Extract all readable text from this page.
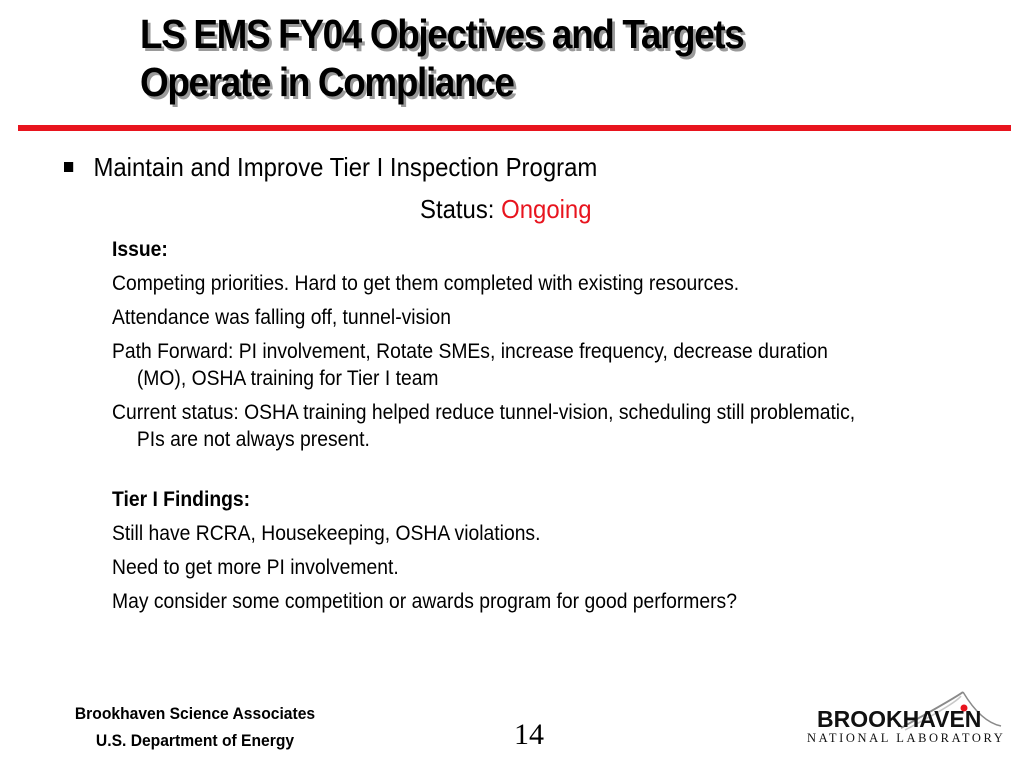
LS EMS FY04 Objectives and Targets
Operate in Compliance
Maintain and Improve Tier I Inspection Program
Status: Ongoing

Issue:

Competing priorities. Hard to get them completed with existing resources.

Attendance was falling off, tunnel-vision

Path Forward: PI involvement, Rotate SMEs, increase frequency, decrease duration (MO), OSHA training for Tier I team

Current status: OSHA training helped reduce tunnel-vision, scheduling still problematic, PIs are not always present.

Tier I Findings:

Still have RCRA, Housekeeping, OSHA violations.

Need to get more PI involvement.

May consider some competition or awards program for good performers?

Brookhaven Science Associates
U.S. Department of Energy	14	BROOKHAVEN
NATIONAL LABORATORY
